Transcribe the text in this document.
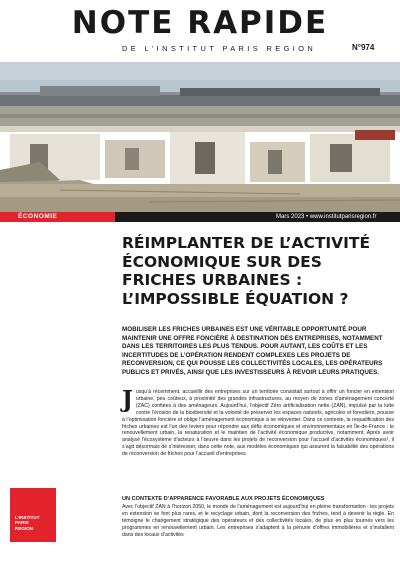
NOTE RAPIDE
DE L’INSTITUT PARIS REGION	N°974
ÉCONOMIE	Mars 2023 • www.institutparisregion.fr
RÉIMPLANTER DE L’ACTIVITÉ ÉCONOMIQUE SUR DES FRICHES URBAINES : L’IMPOSSIBLE ÉQUATION ?
MOBILISER LES FRICHES URBAINES EST UNE VÉRITABLE OPPORTUNITÉ POUR MAINTENIR UNE OFFRE FONCIÈRE À DESTINATION DES ENTREPRISES, NOTAMMENT DANS LES TERRITOIRES LES PLUS TENDUS. POUR AUTANT, LES COÛTS ET LES INCERTITUDES DE L’OPÉRATION RENDENT COMPLEXES LES PROJETS DE RECONVERSION, CE QUI POUSSE LES COLLECTIVITÉS LOCALES, LES OPÉRATEURS PUBLICS ET PRIVÉS, AINSI QUE LES INVESTISSEURS À REVOIR LEURS PRATIQUES.
J usqu’à récemment, accueillir des entreprises sur un territoire consistait surtout à offrir un foncier en extension urbaine, peu coûteux, à proximité des grandes infrastructures, au moyen de zones d’aménagement concerté (ZAC) confiées à des aménageurs. Aujourd’hui, l’objectif Zéro artificialisation nette (ZAN), impulsé par la lutte contre l’érosion de la biodiversité et la volonté de préserver les espaces naturels, agricoles et forestiers, pousse à l’optimisation foncière et oblige l’aménagement économique à se réinventer. Dans ce contexte, la requalification des friches urbaines est l’un des leviers pour répondre aux défis économiques et environnementaux en Île-de-France : le renouvellement urbain, la renaturation et le maintien de l’activité économique productive, notamment. Après avoir analysé l’écosystème d’acteurs à l’œuvre dans les projets de reconversion pour l’accueil d’activités économiques¹, il s’agit désormais de s’intéresser, dans cette note, aux modèles économiques qui assurent la faisabilité des opérations de reconversion de friches pour l’accueil d’entreprises.
UN CONTEXTE D’APPARENCE FAVORABLE AUX PROJETS ÉCONOMIQUES
Avec l’objectif ZAN à l’horizon 2050, le monde de l’aménagement est aujourd’hui en pleine transformation : les projets en extension se font plus rares, et le recyclage urbain, dont la reconversion des friches, tend à devenir la règle. En témoigne le changement stratégique des opérateurs et des collectivités locales, de plus en plus tournés vers les programmes en renouvellement urbain. Les entreprises s’adaptent à la pénurie d’offres immobilières et s’installent dans des locaux d’activités
L’INSTITUT
PARIS
REGION
